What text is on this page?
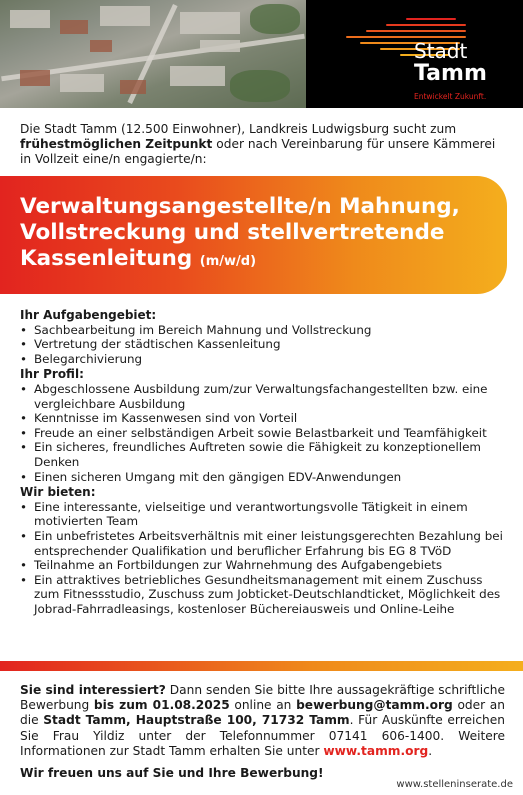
Stadt
Tamm
Entwickelt Zukunft.

Die Stadt Tamm (12.500 Einwohner), Landkreis Ludwigsburg sucht zum frühestmöglichen Zeitpunkt oder nach Vereinbarung für unsere Kämmerei in Vollzeit eine/n engagierte/n:

Verwaltungsangestellte/n Mahnung, Vollstreckung und stellvertretende Kassenleitung (m/w/d)
Ihr Aufgabengebiet:
• Sachbearbeitung im Bereich Mahnung und Vollstreckung
• Vertretung der städtischen Kassenleitung
• Belegarchivierung
Ihr Profil:
• Abgeschlossene Ausbildung zum/zur Verwaltungsfachangestellten bzw. eine vergleichbare Ausbildung
• Kenntnisse im Kassenwesen sind von Vorteil
• Freude an einer selbständigen Arbeit sowie Belastbarkeit und Teamfähigkeit
• Ein sicheres, freundliches Auftreten sowie die Fähigkeit zu konzeptionellem Denken
• Einen sicheren Umgang mit den gängigen EDV-Anwendungen
Wir bieten:
• Eine interessante, vielseitige und verantwortungsvolle Tätigkeit in einem motivierten Team
• Ein unbefristetes Arbeitsverhältnis mit einer leistungsgerechten Bezahlung bei entsprechender Qualifikation und beruflicher Erfahrung bis EG 8 TVöD
• Teilnahme an Fortbildungen zur Wahrnehmung des Aufgabengebiets
• Ein attraktives betriebliches Gesundheitsmanagement mit einem Zuschuss zum Fitnessstudio, Zuschuss zum Jobticket-Deutschlandticket, Möglichkeit des Jobrad-Fahrradleasings, kostenloser Büchereiausweis und Online-Leihe

Sie sind interessiert? Dann senden Sie bitte Ihre aussagekräftige schriftliche Bewerbung bis zum 01.08.2025 online an bewerbung@tamm.org oder an die Stadt Tamm, Hauptstraße 100, 71732 Tamm. Für Auskünfte erreichen Sie Frau Yildiz unter der Telefonnummer 07141 606-1400. Weitere Informationen zur Stadt Tamm erhalten Sie unter www.tamm.org.

Wir freuen uns auf Sie und Ihre Bewerbung!

www.stelleninserate.de
